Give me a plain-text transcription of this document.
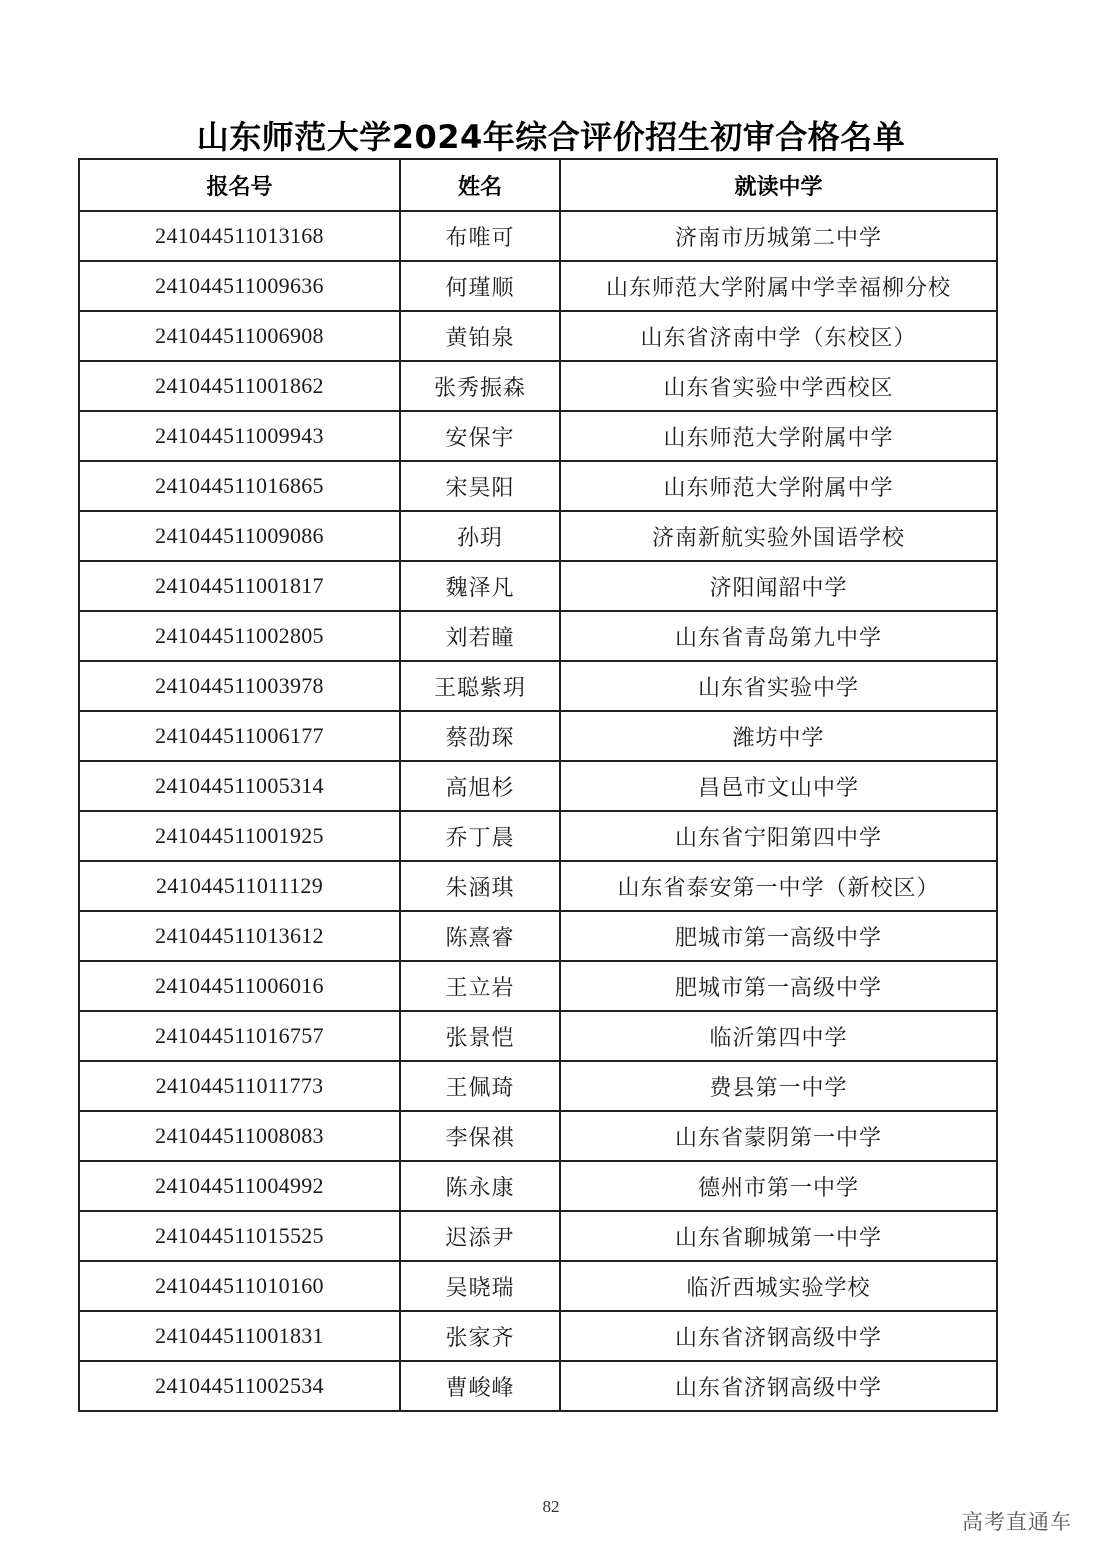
山东师范大学2024年综合评价招生初审合格名单
报名号	姓名	就读中学
241044511013168	布唯可	济南市历城第二中学
241044511009636	何瑾顺	山东师范大学附属中学幸福柳分校
241044511006908	黄铂泉	山东省济南中学（东校区）
241044511001862	张秀振森	山东省实验中学西校区
241044511009943	安保宇	山东师范大学附属中学
241044511016865	宋昊阳	山东师范大学附属中学
241044511009086	孙玥	济南新航实验外国语学校
241044511001817	魏泽凡	济阳闻韶中学
241044511002805	刘若瞳	山东省青岛第九中学
241044511003978	王聪紫玥	山东省实验中学
241044511006177	蔡劭琛	潍坊中学
241044511005314	高旭杉	昌邑市文山中学
241044511001925	乔丁晨	山东省宁阳第四中学
241044511011129	朱涵琪	山东省泰安第一中学（新校区）
241044511013612	陈熹睿	肥城市第一高级中学
241044511006016	王立岩	肥城市第一高级中学
241044511016757	张景恺	临沂第四中学
241044511011773	王佩琦	费县第一中学
241044511008083	李保祺	山东省蒙阴第一中学
241044511004992	陈永康	德州市第一中学
241044511015525	迟添尹	山东省聊城第一中学
241044511010160	吴晓瑞	临沂西城实验学校
241044511001831	张家齐	山东省济钢高级中学
241044511002534	曹峻峰	山东省济钢高级中学
82
高考直通车
